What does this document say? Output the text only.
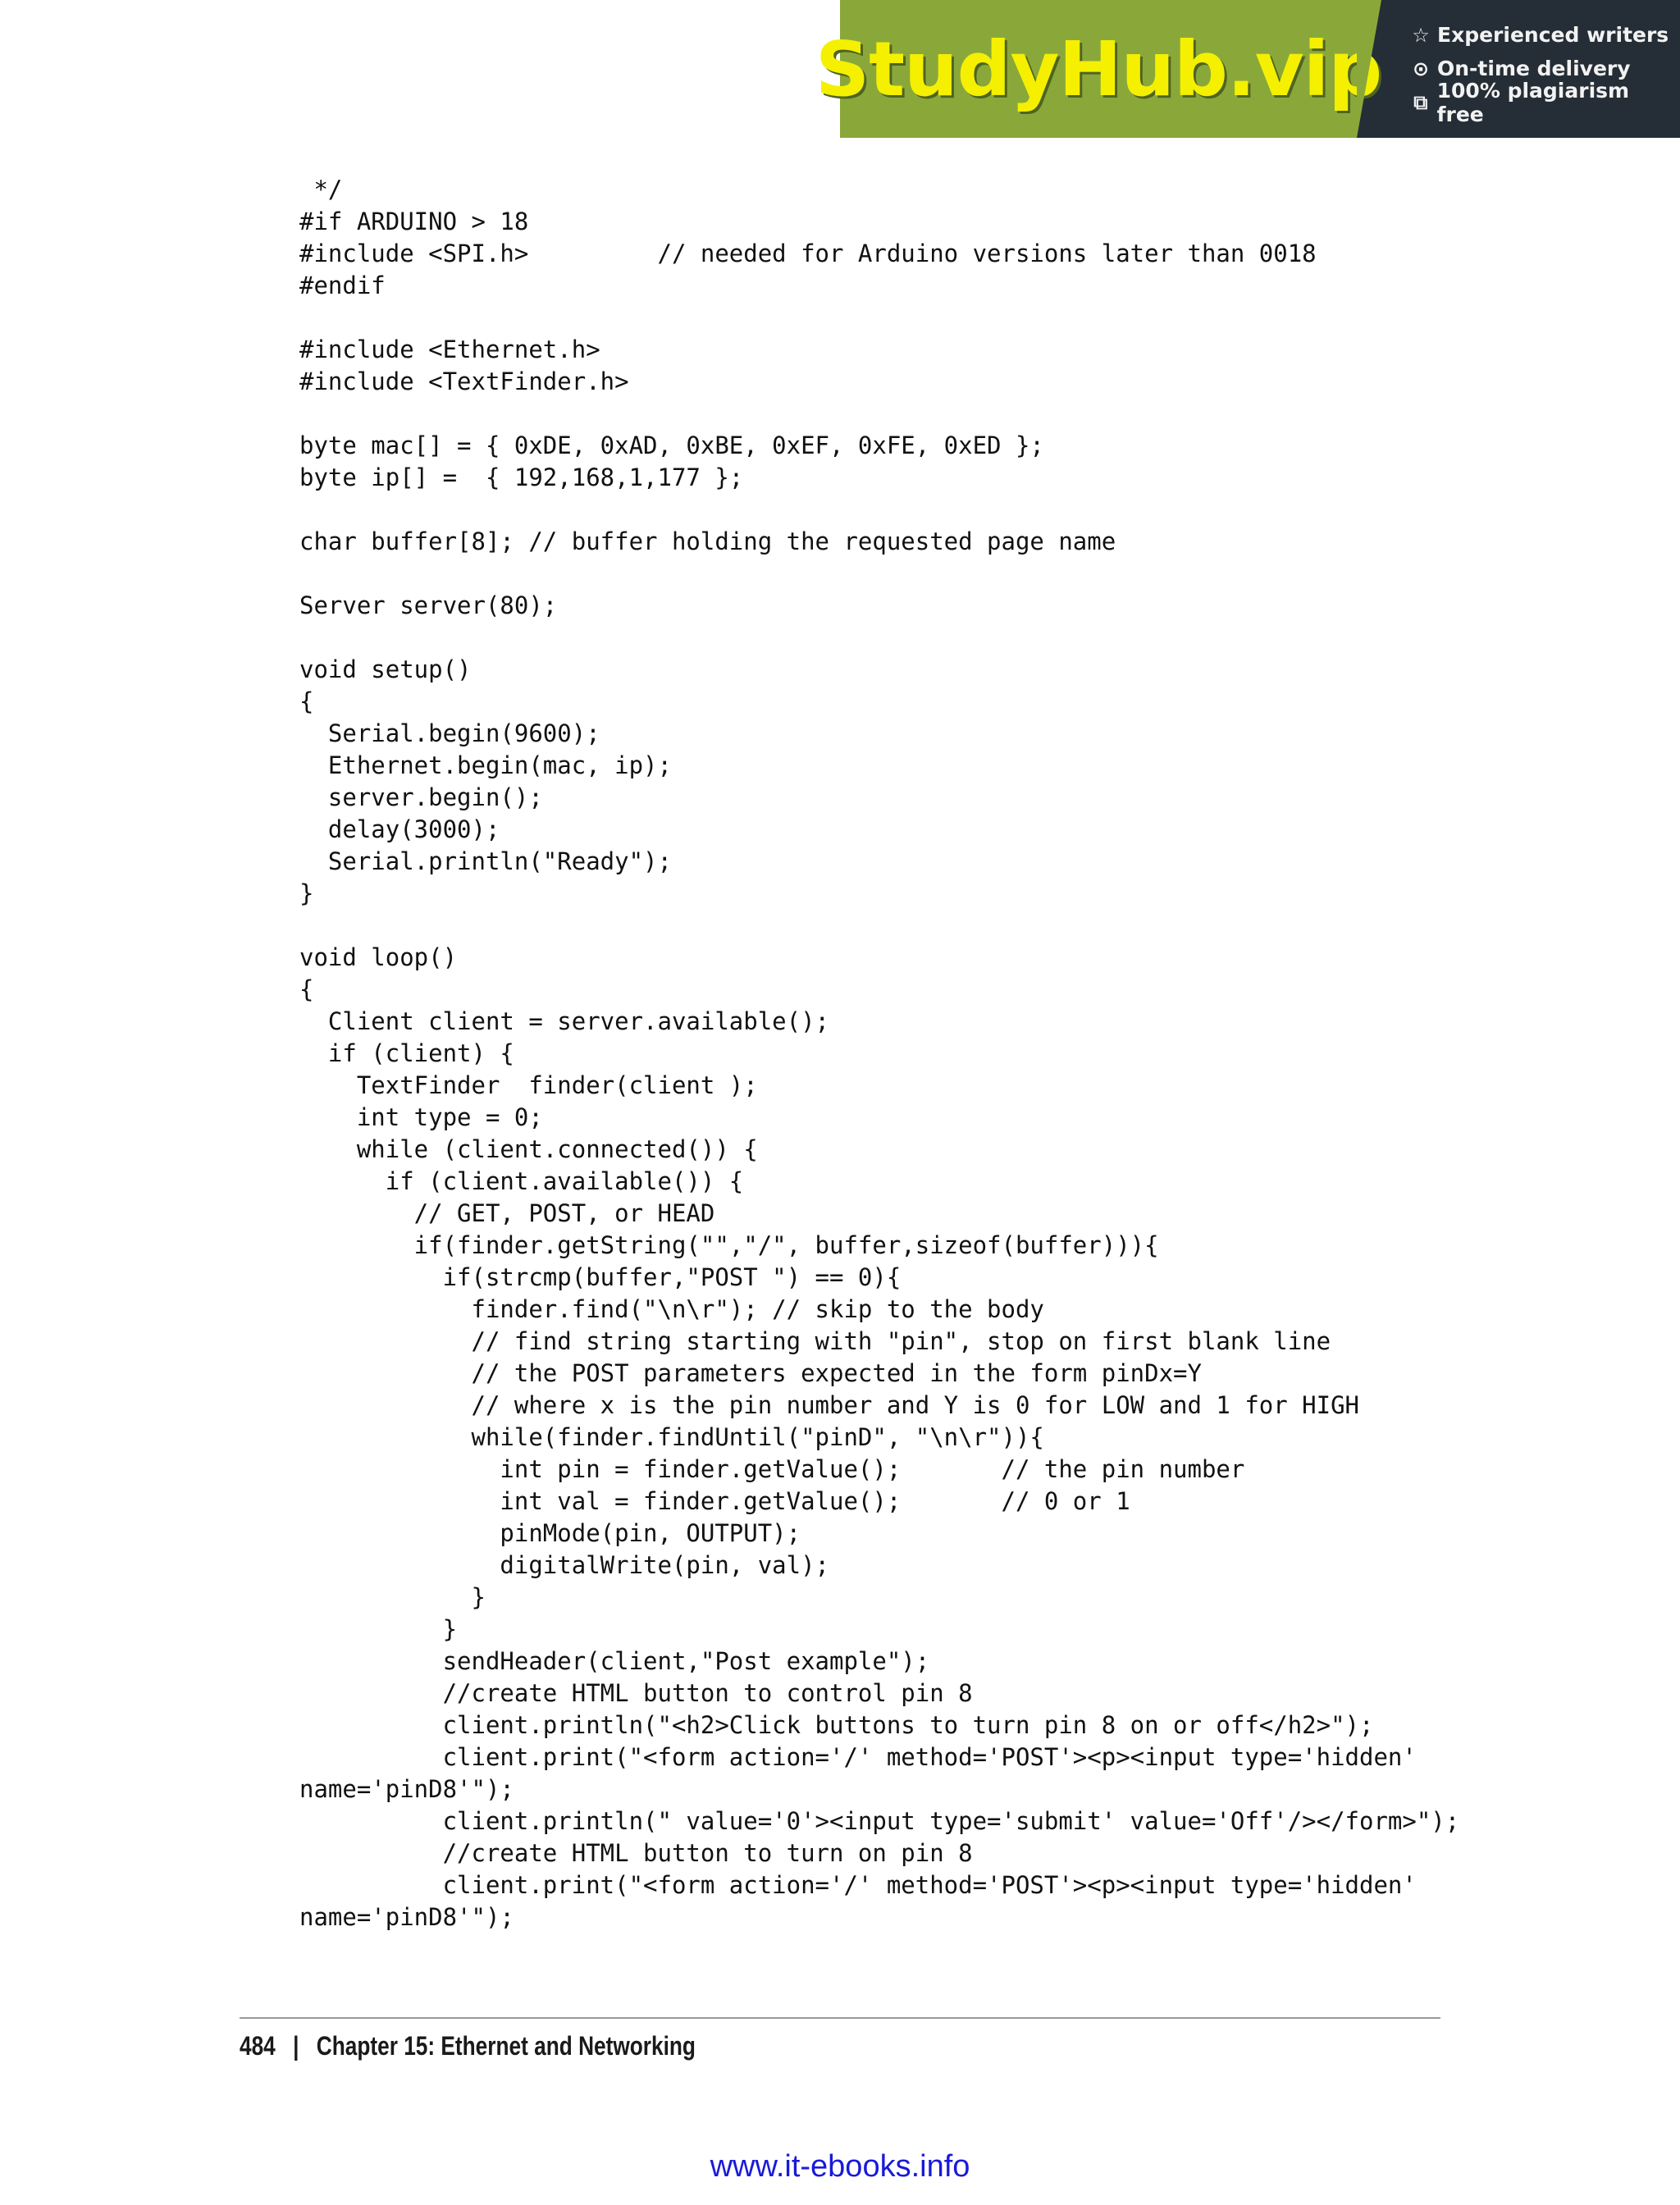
StudyHub.vip ☆ Experienced writers
⊙ On-time delivery
⧉ 100% plagiarism free
*/
#if ARDUINO > 18
#include <SPI.h>         // needed for Arduino versions later than 0018
#endif
#include <Ethernet.h>
#include <TextFinder.h>
byte mac[] = { 0xDE, 0xAD, 0xBE, 0xEF, 0xFE, 0xED };
byte ip[] =  { 192,168,1,177 };
char buffer[8]; // buffer holding the requested page name
Server server(80);
void setup()
{
Serial.begin(9600);
Ethernet.begin(mac, ip);
server.begin();
delay(3000);
Serial.println("Ready");
}
void loop()
{
Client client = server.available();
if (client) {
TextFinder  finder(client );
int type = 0;
while (client.connected()) {
if (client.available()) {
// GET, POST, or HEAD
if(finder.getString("","/", buffer,sizeof(buffer))){
if(strcmp(buffer,"POST ") == 0){
finder.find("\n\r"); // skip to the body
// find string starting with "pin", stop on first blank line
// the POST parameters expected in the form pinDx=Y
// where x is the pin number and Y is 0 for LOW and 1 for HIGH
while(finder.findUntil("pinD", "\n\r")){
int pin = finder.getValue();       // the pin number
int val = finder.getValue();       // 0 or 1
pinMode(pin, OUTPUT);
digitalWrite(pin, val);
}
}
sendHeader(client,"Post example");
//create HTML button to control pin 8
client.println("<h2>Click buttons to turn pin 8 on or off</h2>");
client.print("<form action='/' method='POST'><p><input type='hidden'
name='pinD8'");
client.println(" value='0'><input type='submit' value='Off'/></form>");
//create HTML button to turn on pin 8
client.print("<form action='/' method='POST'><p><input type='hidden'
name='pinD8'");
484 | Chapter 15: Ethernet and Networking
www.it-ebooks.info
